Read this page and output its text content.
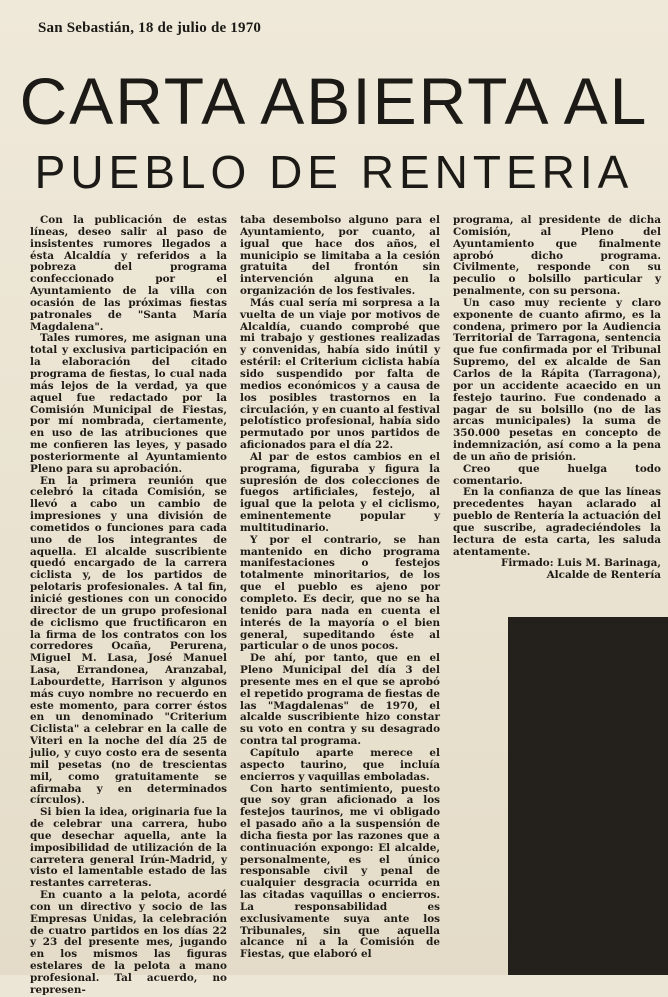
San Sebastián, 18 de julio de 1970
CARTA ABIERTA AL
PUEBLO DE RENTERIA

Con la publicación de estas líneas, deseo salir al paso de insistentes rumores llegados a ésta Alcaldía y referidos a la pobreza del programa confeccionado por el Ayuntamiento de la villa con ocasión de las próximas fiestas patronales de "Santa María Magdalena".

Tales rumores, me asignan una total y exclusiva participación en la elaboración del citado programa de fiestas, lo cual nada más lejos de la verdad, ya que aquel fue redactado por la Comisión Municipal de Fiestas, por mí nombrada, ciertamente, en uso de las atribuciones que me confieren las leyes, y pasado posteriormente al Ayuntamiento Pleno para su aprobación.

En la primera reunión que celebró la citada Comisión, se llevó a cabo un cambio de impresiones y una división de cometidos o funciones para cada uno de los integrantes de aquella. El alcalde suscribiente quedó encargado de la carrera ciclista y, de los partidos de pelotaris profesionales. A tal fin, inicié gestiones con un conocido director de un grupo profesional de ciclismo que fructificaron en la firma de los contratos con los corredores Ocaña, Perurena, Miguel M. Lasa, José Manuel Lasa, Errandonea, Aranzabal, Labourdette, Harrison y algunos más cuyo nombre no recuerdo en este momento, para correr éstos en un denominado "Criterium Ciclista" a celebrar en la calle de Viteri en la noche del día 25 de julio, y cuyo costo era de sesenta mil pesetas (no de trescientas mil, como gratuitamente se afirmaba y en determinados círculos).

Si bien la idea, originaria fue la de celebrar una carrera, hubo que desechar aquella, ante la imposibilidad de utilización de la carretera general Irún-Madrid, y visto el lamentable estado de las restantes carreteras.

En cuanto a la pelota, acordé con un directivo y socio de las Empresas Unidas, la celebración de cuatro partidos en los días 22 y 23 del presente mes, jugando en los mismos las figuras estelares de la pelota a mano profesional. Tal acuerdo, no represen-

taba desembolso alguno para el Ayuntamiento, por cuanto, al igual que hace dos años, el municipio se limitaba a la cesión gratuita del frontón sin intervención alguna en la organización de los festivales.

Más cual sería mi sorpresa a la vuelta de un viaje por motivos de Alcaldía, cuando comprobé que mi trabajo y gestiones realizadas y convenidas, había sido inútil y estéril: el Criterium ciclista había sido suspendido por falta de medios económicos y a causa de los posibles trastornos en la circulación, y en cuanto al festival pelotístico profesional, había sido permutado por unos partidos de aficionados para el día 22.

Al par de estos cambios en el programa, figuraba y figura la supresión de dos colecciones de fuegos artificiales, festejo, al igual que la pelota y el ciclismo, eminentemente popular y multitudinario.

Y por el contrario, se han mantenido en dicho programa manifestaciones o festejos totalmente minoritarios, de los que el pueblo es ajeno por completo. Es decir, que no se ha tenido para nada en cuenta el interés de la mayoría o el bien general, supeditando éste al particular o de unos pocos.

De ahí, por tanto, que en el Pleno Municipal del día 3 del presente mes en el que se aprobó el repetido programa de fiestas de las "Magdalenas" de 1970, el alcalde suscribiente hizo constar su voto en contra y su desagrado contra tal programa.

Capítulo aparte merece el aspecto taurino, que incluía encierros y vaquillas emboladas.

Con harto sentimiento, puesto que soy gran aficionado a los festejos taurinos, me vi obligado el pasado año a la suspensión de dicha fiesta por las razones que a continuación expongo: El alcalde, personalmente, es el único responsable civil y penal de cualquier desgracia ocurrida en las citadas vaquillas o encierros. La responsabilidad es exclusivamente suya ante los Tribunales, sin que aquella alcance ni a la Comisión de Fiestas, que elaboró el

programa, al presidente de dicha Comisión, al Pleno del Ayuntamiento que finalmente aprobó dicho programa. Civilmente, responde con su peculio o bolsillo particular y penalmente, con su persona.

Un caso muy reciente y claro exponente de cuanto afirmo, es la condena, primero por la Audiencia Territorial de Tarragona, sentencia que fue confirmada por el Tribunal Supremo, del ex alcalde de San Carlos de la Rápita (Tarragona), por un accidente acaecido en un festejo taurino. Fue condenado a pagar de su bolsillo (no de las arcas municipales) la suma de 350.000 pesetas en concepto de indemnización, así como a la pena de un año de prisión.

Creo que huelga todo comentario.

En la confianza de que las líneas precedentes hayan aclarado al pueblo de Rentería la actuación del que suscribe, agradeciéndoles la lectura de esta carta, les saluda atentamente.

Firmado: Luis M. Barinaga,

Alcalde de Rentería
